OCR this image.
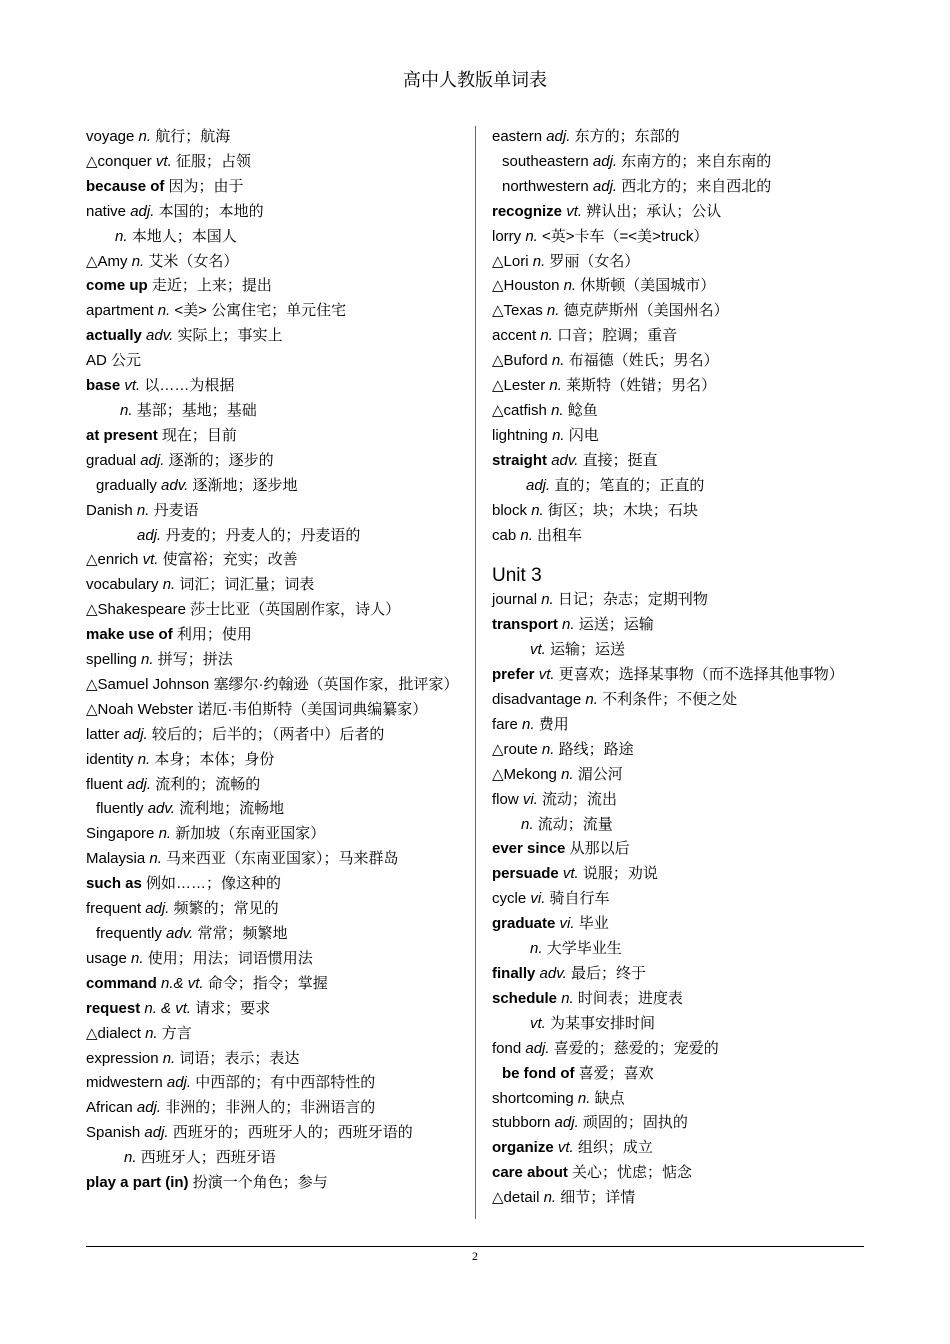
高中人教版单词表
voyage n. 航行；航海
△conquer vt. 征服；占领
because of 因为；由于
native adj. 本国的；本地的
n. 本地人；本国人
△Amy n. 艾米（女名）
come up 走近；上来；提出
apartment n. <美> 公寓住宅；单元住宅
actually adv. 实际上；事实上
AD 公元
base vt. 以……为根据
n. 基部；基地；基础
at present 现在；目前
gradual adj. 逐渐的；逐步的
gradually adv. 逐渐地；逐步地
Danish n. 丹麦语
adj. 丹麦的；丹麦人的；丹麦语的
△enrich vt. 使富裕；充实；改善
vocabulary n. 词汇；词汇量；词表
△Shakespeare 莎士比亚（英国剧作家，诗人）
make use of 利用；使用
spelling n. 拼写；拼法
△Samuel Johnson 塞缪尔·约翰逊（英国作家，批评家）
△Noah Webster 诺厄·韦伯斯特（美国词典编纂家）
latter adj. 较后的；后半的；（两者中）后者的
identity n. 本身；本体；身份
fluent adj. 流利的；流畅的
fluently adv. 流利地；流畅地
Singapore n. 新加坡（东南亚国家）
Malaysia n. 马来西亚（东南亚国家）；马来群岛
such as 例如……；像这种的
frequent adj. 频繁的；常见的
frequently adv. 常常；频繁地
usage n. 使用；用法；词语惯用法
command n.& vt. 命令；指令；掌握
request n. & vt. 请求；要求
△dialect n. 方言
expression n. 词语；表示；表达
midwestern adj. 中西部的；有中西部特性的
African adj. 非洲的；非洲人的；非洲语言的
Spanish adj. 西班牙的；西班牙人的；西班牙语的
n. 西班牙人；西班牙语
play a part (in) 扮演一个角色；参与
eastern adj. 东方的；东部的
southeastern adj. 东南方的；来自东南的
northwestern adj. 西北方的；来自西北的
recognize vt. 辨认出；承认；公认
lorry n. <英>卡车（=<美>truck）
△Lori n. 罗丽（女名）
△Houston n. 休斯顿（美国城市）
△Texas n. 德克萨斯州（美国州名）
accent n. 口音；腔调；重音
△Buford n. 布福德（姓氏；男名）
△Lester n. 莱斯特（姓错；男名）
△catfish n. 鲶鱼
lightning n. 闪电
straight adv. 直接；挺直
adj. 直的；笔直的；正直的
block n. 街区；块；木块；石块
cab n. 出租车
Unit 3
journal n. 日记；杂志；定期刊物
transport n. 运送；运输
vt. 运输；运送
prefer vt. 更喜欢；选择某事物（而不选择其他事物）
disadvantage n. 不利条件；不便之处
fare n. 费用
△route n. 路线；路途
△Mekong n. 湄公河
flow vi. 流动；流出
n. 流动；流量
ever since 从那以后
persuade vt. 说服；劝说
cycle vi. 骑自行车
graduate vi. 毕业
n. 大学毕业生
finally adv. 最后；终于
schedule n. 时间表；进度表
vt. 为某事安排时间
fond adj. 喜爱的；慈爱的；宠爱的
be fond of 喜爱；喜欢
shortcoming n. 缺点
stubborn adj. 顽固的；固执的
organize vt. 组织；成立
care about 关心；忧虑；惦念
△detail n. 细节；详情
2
